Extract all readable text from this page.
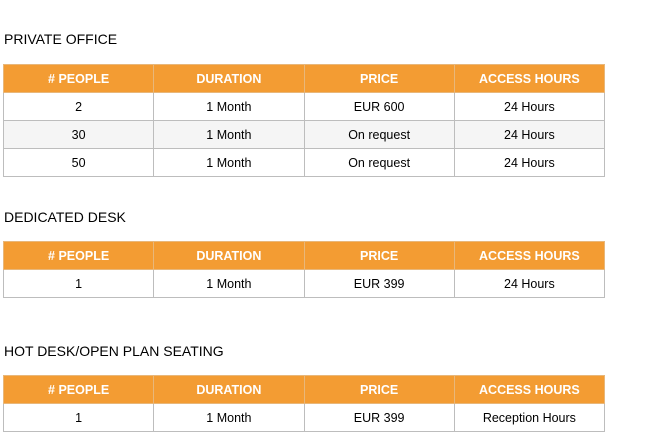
PRIVATE OFFICE
# PEOPLE	DURATION	PRICE	ACCESS HOURS
2	1 Month	EUR 600	24 Hours
30	1 Month	On request	24 Hours
50	1 Month	On request	24 Hours
DEDICATED DESK
# PEOPLE	DURATION	PRICE	ACCESS HOURS
1	1 Month	EUR 399	24 Hours
HOT DESK/OPEN PLAN SEATING
# PEOPLE	DURATION	PRICE	ACCESS HOURS
1	1 Month	EUR 399	Reception Hours
